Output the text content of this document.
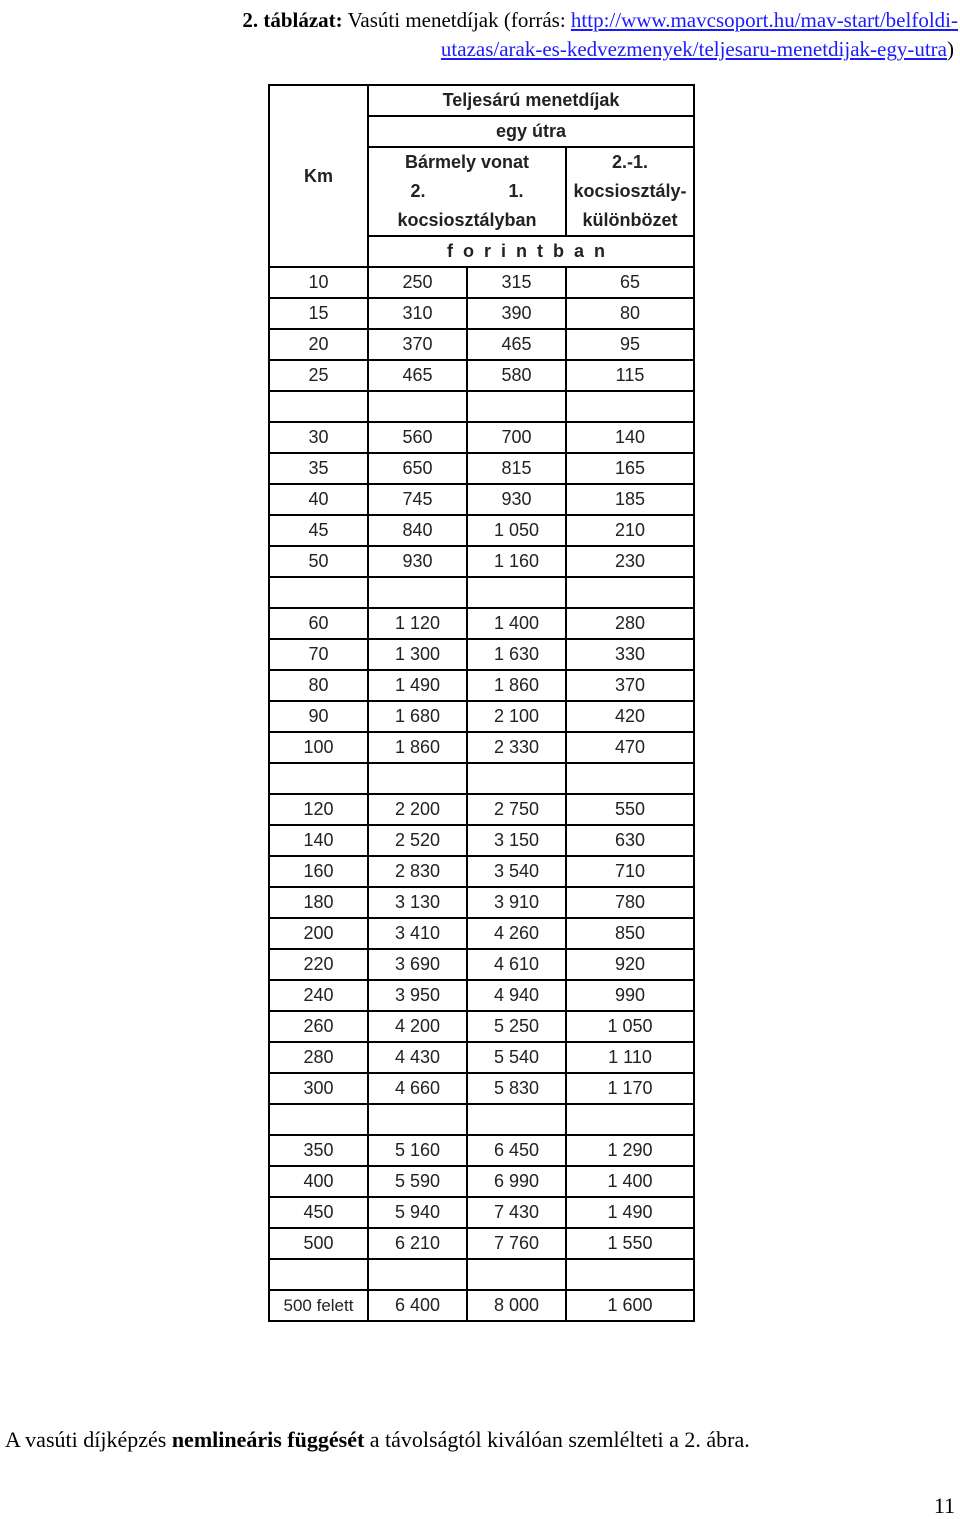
2. táblázat: Vasúti menetdíjak (forrás: http://www.mavcsoport.hu/mav-start/belfoldi-
utazas/arak-es-kedvezmenyek/teljesaru-menetdijak-egy-utra)
Km	Teljesárú menetdíjak		
	egy útra		
	Bármely vonat		2.-1.
	2.	1.	kocsiosztály-
	kocsiosztályban		különbözet
	forintban		
10	250	315	65
15	310	390	80
20	370	465	95
25	465	580	115

30	560	700	140
35	650	815	165
40	745	930	185
45	840	1 050	210
50	930	1 160	230

60	1 120	1 400	280
70	1 300	1 630	330
80	1 490	1 860	370
90	1 680	2 100	420
100	1 860	2 330	470

120	2 200	2 750	550
140	2 520	3 150	630
160	2 830	3 540	710
180	3 130	3 910	780
200	3 410	4 260	850
220	3 690	4 610	920
240	3 950	4 940	990
260	4 200	5 250	1 050
280	4 430	5 540	1 110
300	4 660	5 830	1 170

350	5 160	6 450	1 290
400	5 590	6 990	1 400
450	5 940	7 430	1 490
500	6 210	7 760	1 550

500 felett	6 400	8 000	1 600
A vasúti díjképzés nemlineáris függését a távolságtól kiválóan szemlélteti a 2. ábra.
11
